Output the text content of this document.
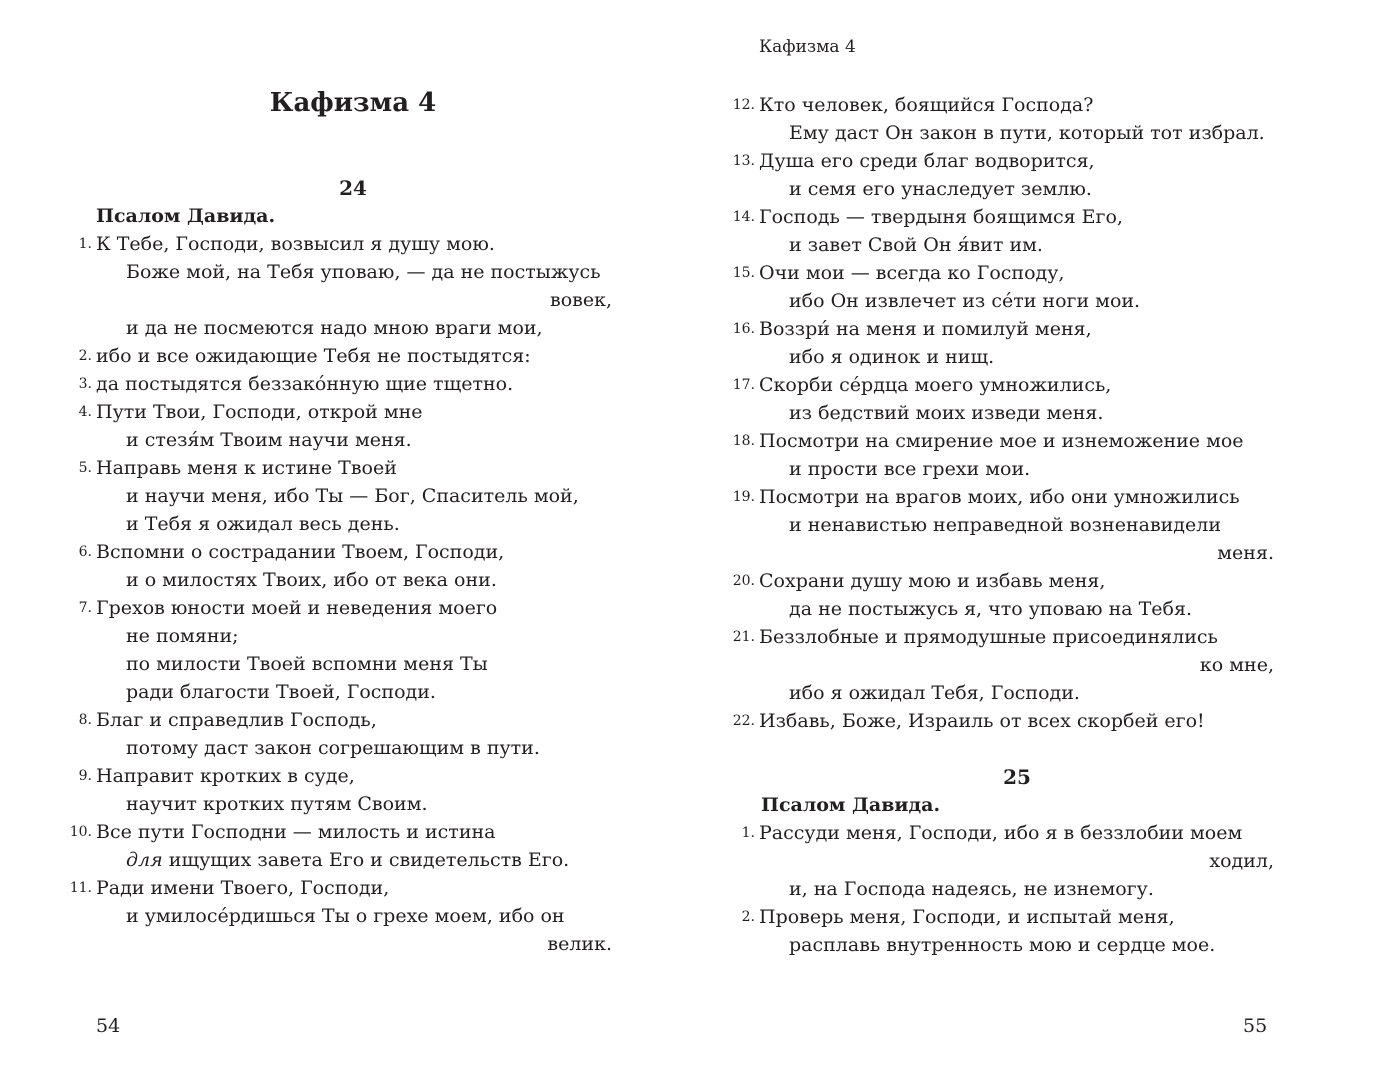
Кафизма 4
24
Псалом Давида.
1. К Тебе, Господи, возвысил я душу мою.
Боже мой, на Тебя уповаю, — да не постыжусь
вовек,
и да не посмеются надо мною враги мои,
2. ибо и все ожидающие Тебя не постыдятся:
3. да постыдятся беззако́нную щие тщетно.
4. Пути Твои, Господи, открой мне
и стезя́м Твоим научи меня.
5. Направь меня к истине Твоей
и научи меня, ибо Ты — Бог, Спаситель мой,
и Тебя я ожидал весь день.
6. Вспомни о сострадании Твоем, Господи,
и о милостях Твоих, ибо от века они.
7. Грехов юности моей и неведения моего
не помяни;
по милости Твоей вспомни меня Ты
ради благости Твоей, Господи.
8. Благ и справедлив Господь,
потому даст закон согрешающим в пути.
9. Направит кротких в суде,
научит кротких путям Своим.
10. Все пути Господни — милость и истина
для ищущих завета Его и свидетельств Его.
11. Ради имени Твоего, Господи,
и умилосе́рдишься Ты о грехе моем, ибо он
велик.
54
Кафизма 4
12. Кто человек, боящийся Господа?
Ему даст Он закон в пути, который тот избрал.
13. Душа его среди благ водворится,
и семя его унаследует землю.
14. Господь — твердыня боящимся Его,
и завет Свой Он я́вит им.
15. Очи мои — всегда ко Господу,
ибо Он извлечет из се́ти ноги мои.
16. Воззри́ на меня и помилуй меня,
ибо я одинок и нищ.
17. Скорби се́рдца моего умножились,
из бедствий моих изведи меня.
18. Посмотри на смирение мое и изнеможение мое
и прости все грехи мои.
19. Посмотри на врагов моих, ибо они умножились
и ненавистью неправедной возненавидели
меня.
20. Сохрани душу мою и избавь меня,
да не постыжусь я, что уповаю на Тебя.
21. Беззлобные и прямодушные присоединялись
ко мне,
ибо я ожидал Тебя, Господи.
22. Избавь, Боже, Израиль от всех скорбей его!
25
Псалом Давида.
1. Рассуди меня, Господи, ибо я в беззлобии моем
ходил,
и, на Господа надеясь, не изнемогу.
2. Проверь меня, Господи, и испытай меня,
расплавь внутренность мою и сердце мое.
55
